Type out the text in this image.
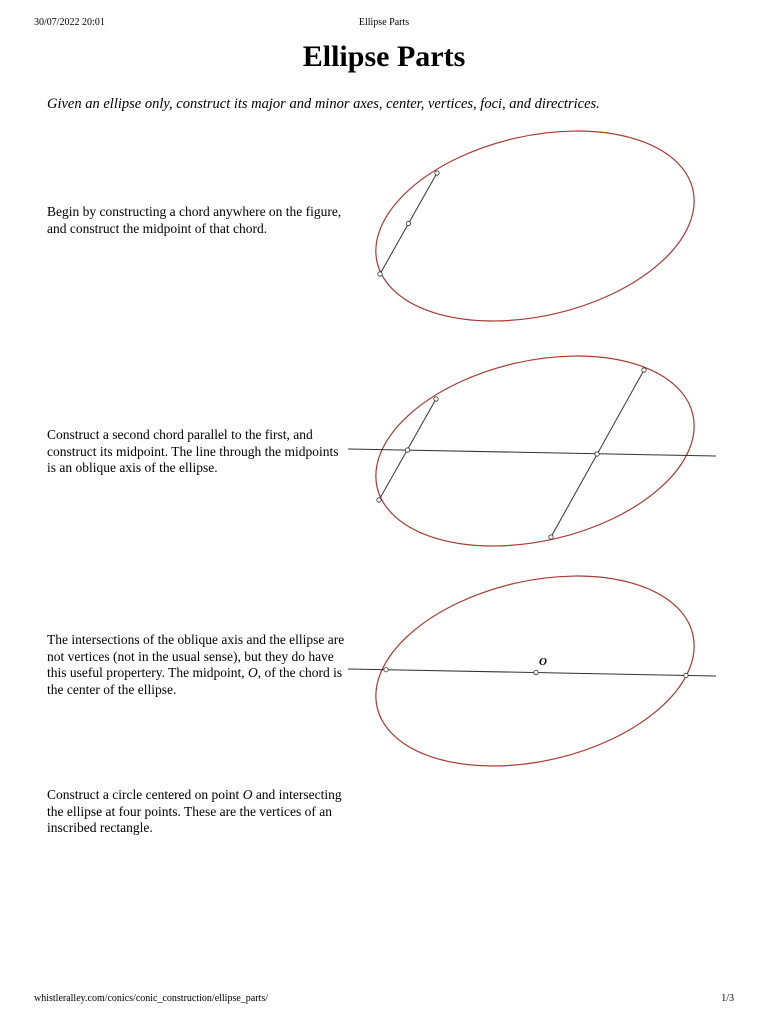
30/07/2022 20:01	Ellipse Parts
Ellipse Parts

Given an ellipse only, construct its major and minor axes, center, vertices, foci, and directrices.

Begin by constructing a chord anywhere on the figure, and construct the midpoint of that chord.

Construct a second chord parallel to the first, and construct its midpoint. The line through the midpoints is an oblique axis of the ellipse.

The intersections of the oblique axis and the ellipse are not vertices (not in the usual sense), but they do have this useful propertery. The midpoint, O, of the chord is the center of the ellipse.

O

Construct a circle centered on point O and intersecting the ellipse at four points. These are the vertices of an inscribed rectangle.

whistleralley.com/conics/conic_construction/ellipse_parts/	1/3
